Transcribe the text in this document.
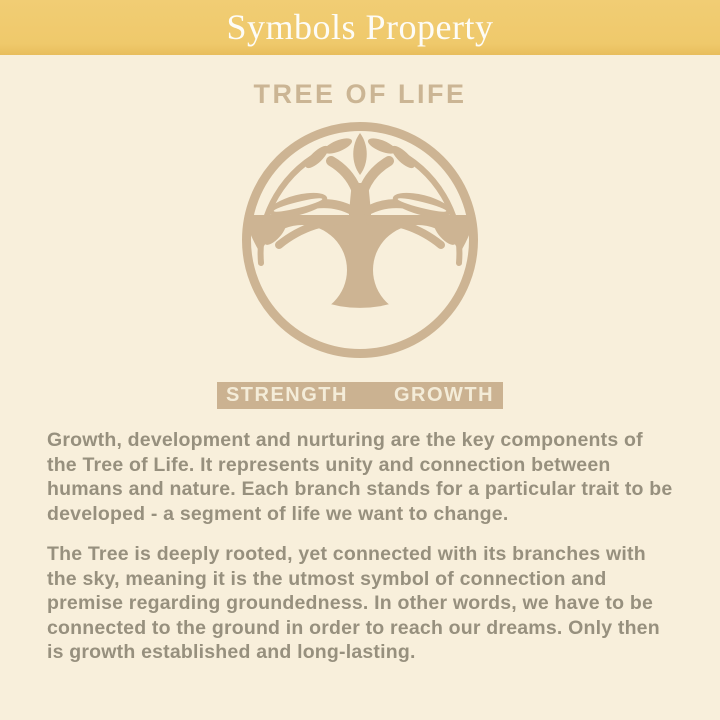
Symbols Property
TREE OF LIFE
STRENGTH GROWTH

Growth, development and nurturing are the key components of the Tree of Life. It represents unity and connection between humans and nature. Each branch stands for a particular trait to be developed - a segment of life we want to change.

The Tree is deeply rooted, yet connected with its branches with the sky, meaning it is the utmost symbol of connection and premise regarding groundedness. In other words, we have to be connected to the ground in order to reach our dreams. Only then is growth established and long-lasting.
